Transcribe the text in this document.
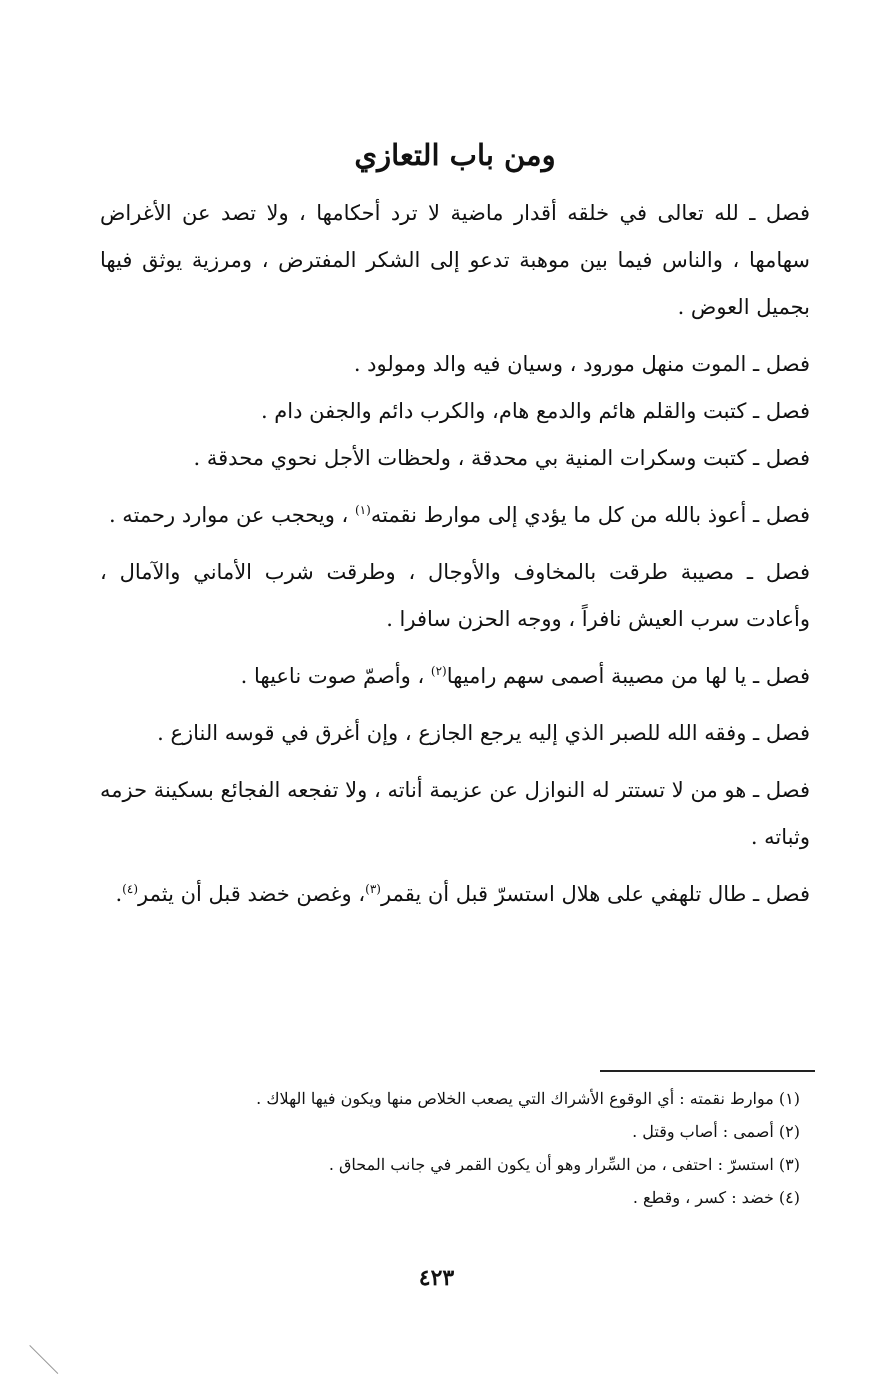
ومن باب التعازي

فصل ـ لله تعالى في خلقه أقدار ماضية لا ترد أحكامها ، ولا تصد عن الأغراض سهامها ، والناس فيما بين موهبة تدعو إلى الشكر المفترض ، ومرزية يوثق فيها بجميل العوض .

فصل ـ الموت منهل مورود ، وسيان فيه والد ومولود .

فصل ـ كتبت والقلم هائم والدمع هام، والكرب دائم والجفن دام .

فصل ـ كتبت وسكرات المنية بي محدقة ، ولحظات الأجل نحوي محدقة .

فصل ـ أعوذ بالله من كل ما يؤدي إلى موارط نقمته$^{(١)}$ ، ويحجب عن موارد رحمته .

فصل ـ مصيبة طرقت بالمخاوف والأوجال ، وطرقت شرب الأماني والآمال ، وأعادت سرب العيش نافراً ، ووجه الحزن سافرا .

فصل ـ يا لها من مصيبة أصمى سهم راميها$^{(٢)}$ ، وأصمّ صوت ناعيها .

فصل ـ وفقه الله للصبر الذي إليه يرجع الجازع ، وإن أغرق في قوسه النازع .

فصل ـ هو من لا تستتر له النوازل عن عزيمة أناته ، ولا تفجعه الفجائع بسكينة حزمه وثباته .

فصل ـ طال تلهفي على هلال استسرّ قبل أن يقمر$^{(٣)}$، وغصن خضد قبل أن يثمر$^{(٤)}$.

(١) موارط نقمته : أي الوقوع الأشراك التي يصعب الخلاص منها ويكون فيها الهلاك .

(٢) أصمى : أصاب وقتل .

(٣) استسرّ : احتفى ، من السِّرار وهو أن يكون القمر في جانب المحاق .

(٤) خضد : كسر ، وقطع .

٤٢٣
